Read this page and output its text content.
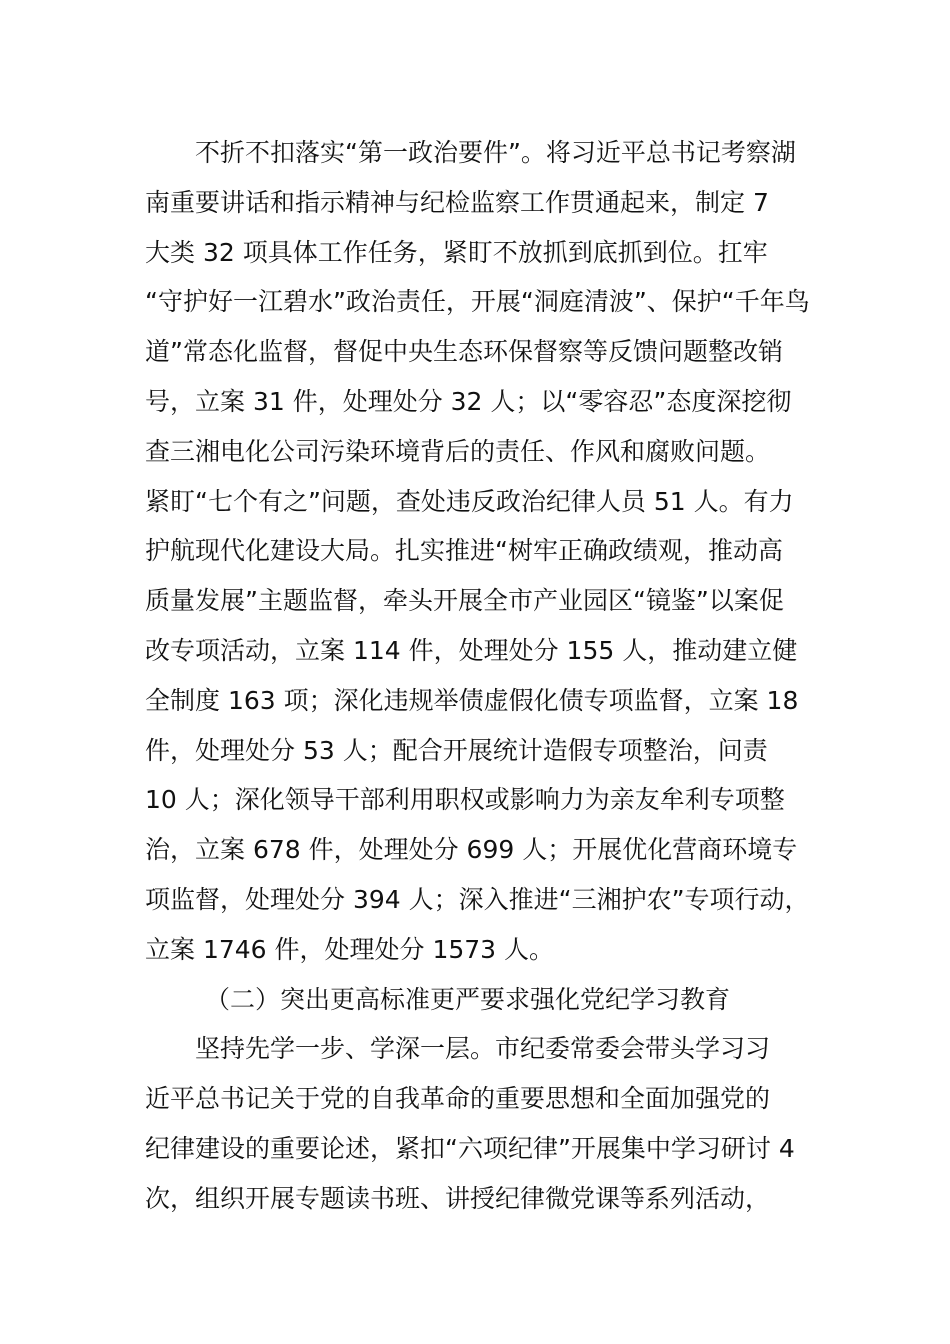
不折不扣落实“第一政治要件”。将习近平总书记考察湖
南重要讲话和指示精神与纪检监察工作贯通起来，制定 7
大类 32 项具体工作任务，紧盯不放抓到底抓到位。扛牢
“守护好一江碧水”政治责任，开展“洞庭清波”、保护“千年鸟
道”常态化监督，督促中央生态环保督察等反馈问题整改销
号，立案 31 件，处理处分 32 人；以“零容忍”态度深挖彻
查三湘电化公司污染环境背后的责任、作风和腐败问题。
紧盯“七个有之”问题，查处违反政治纪律人员 51 人。有力
护航现代化建设大局。扎实推进“树牢正确政绩观，推动高
质量发展”主题监督，牵头开展全市产业园区“镜鉴”以案促
改专项活动，立案 114 件，处理处分 155 人，推动建立健
全制度 163 项；深化违规举债虚假化债专项监督，立案 18
件，处理处分 53 人；配合开展统计造假专项整治，问责
10 人；深化领导干部利用职权或影响力为亲友牟利专项整
治，立案 678 件，处理处分 699 人；开展优化营商环境专
项监督，处理处分 394 人；深入推进“三湘护农”专项行动，
立案 1746 件，处理处分 1573 人。
（二）突出更高标准更严要求强化党纪学习教育
坚持先学一步、学深一层。市纪委常委会带头学习习
近平总书记关于党的自我革命的重要思想和全面加强党的
纪律建设的重要论述，紧扣“六项纪律”开展集中学习研讨 4
次，组织开展专题读书班、讲授纪律微党课等系列活动，
